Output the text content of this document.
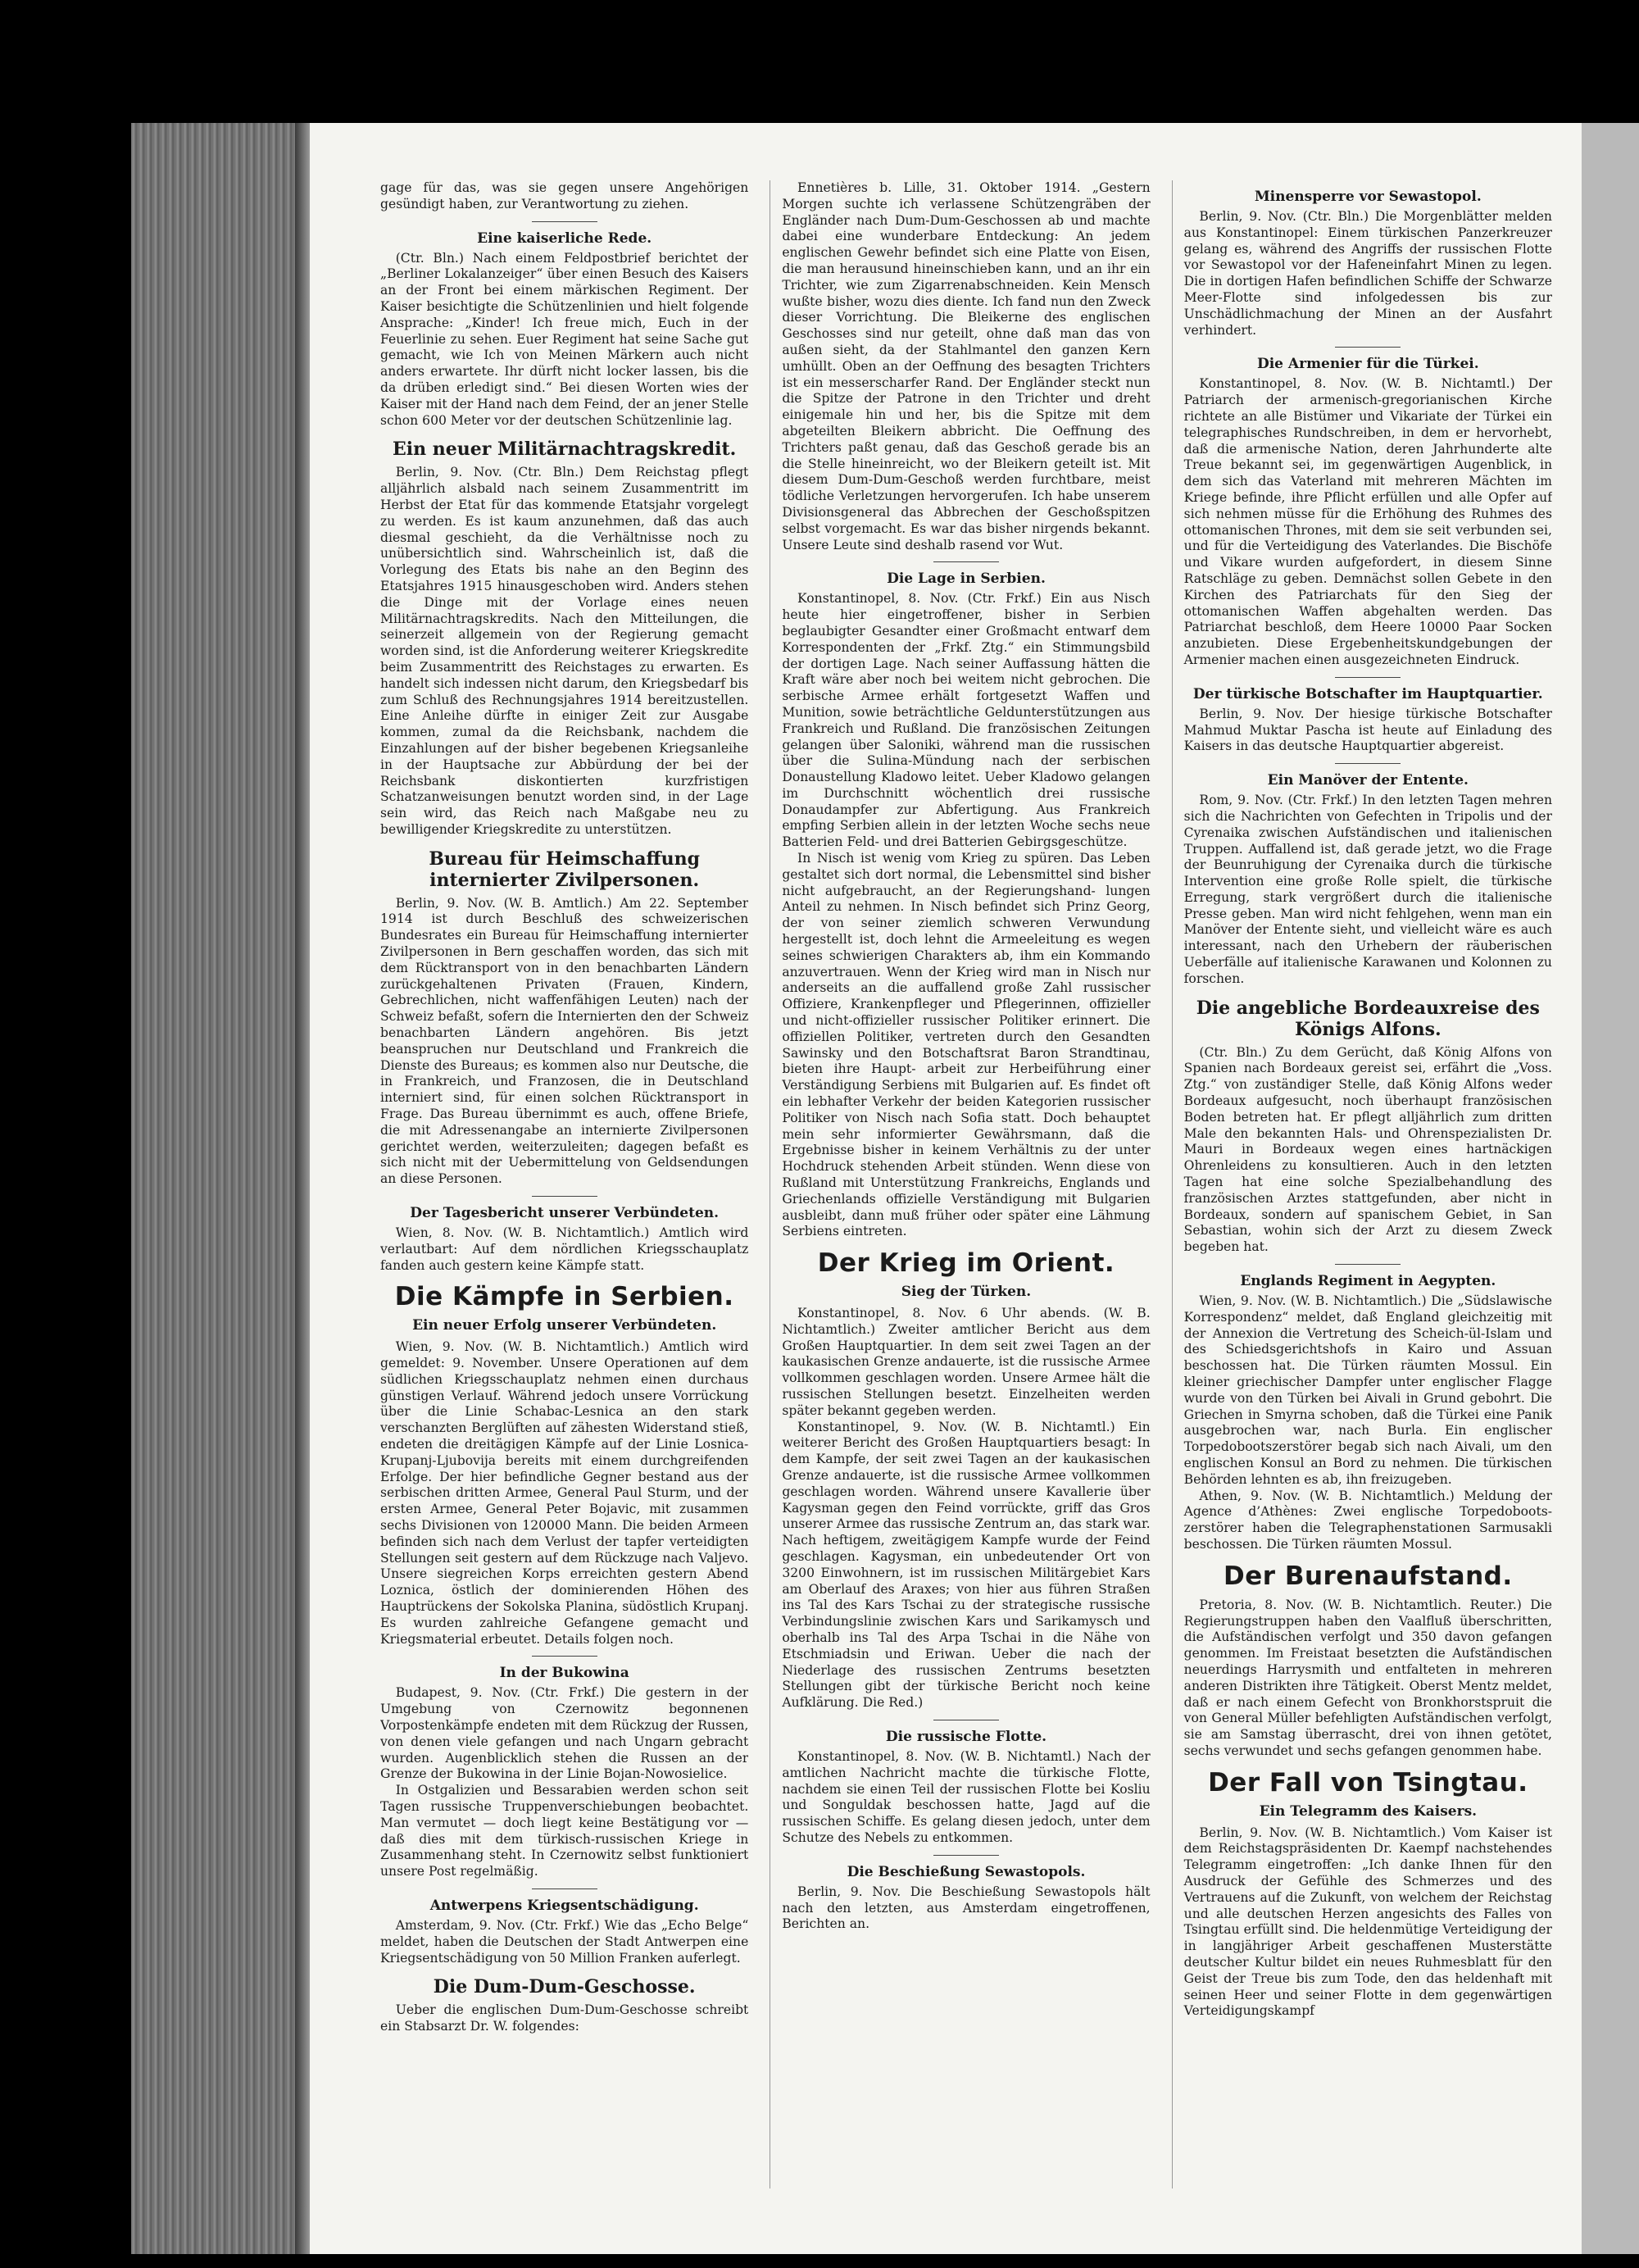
gage für das, was sie gegen unsere Angehörigen gesündigt haben, zur Verantwortung zu ziehen.

Eine kaiserliche Rede.

(Ctr. Bln.) Nach einem Feldpostbrief berichtet der „Berliner Lokalanzeiger“ über einen Besuch des Kaisers an der Front bei einem märkischen Regiment. Der Kaiser besichtigte die Schützenlinien und hielt folgende Ansprache: „Kinder! Ich freue mich, Euch in der Feuerlinie zu sehen. Euer Regiment hat seine Sache gut gemacht, wie Ich von Meinen Märkern auch nicht anders erwartete. Ihr dürft nicht locker lassen, bis die da drüben erledigt sind.“ Bei diesen Worten wies der Kaiser mit der Hand nach dem Feind, der an jener Stelle schon 600 Meter vor der deutschen Schützenlinie lag.

Ein neuer Militärnachtragskredit.

Berlin, 9. Nov. (Ctr. Bln.) Dem Reichstag pflegt alljährlich alsbald nach seinem Zusammentritt im Herbst der Etat für das kommende Etatsjahr vorgelegt zu werden. Es ist kaum anzunehmen, daß das auch diesmal geschieht, da die Verhältnisse noch zu unübersichtlich sind. Wahrscheinlich ist, daß die Vorlegung des Etats bis nahe an den Beginn des Etatsjahres 1915 hinausgeschoben wird. Anders stehen die Dinge mit der Vorlage eines neuen Militärnachtragskredits. Nach den Mitteilungen, die seinerzeit allgemein von der Regierung gemacht worden sind, ist die Anforderung weiterer Kriegskredite beim Zusammentritt des Reichstages zu erwarten. Es handelt sich indessen nicht darum, den Kriegsbedarf bis zum Schluß des Rechnungsjahres 1914 bereitzustellen. Eine Anleihe dürfte in einiger Zeit zur Ausgabe kommen, zumal da die Reichsbank, nachdem die Einzahlungen auf der bisher begebenen Kriegsanleihe in der Hauptsache zur Abbürdung der bei der Reichsbank diskontierten kurzfristigen Schatzanweisungen benutzt worden sind, in der Lage sein wird, das Reich nach Maßgabe neu zu bewilligender Kriegskredite zu unterstützen.

Bureau für Heimschaffung internierter Zivilpersonen.

Berlin, 9. Nov. (W. B. Amtlich.) Am 22. September 1914 ist durch Beschluß des schweizerischen Bundesrates ein Bureau für Heimschaffung internierter Zivilpersonen in Bern geschaffen worden, das sich mit dem Rücktransport von in den benachbarten Ländern zurückgehaltenen Privaten (Frauen, Kindern, Gebrechlichen, nicht waffenfähigen Leuten) nach der Schweiz befaßt, sofern die Internierten den der Schweiz benachbarten Ländern angehören. Bis jetzt beanspruchen nur Deutschland und Frankreich die Dienste des Bureaus; es kommen also nur Deutsche, die in Frankreich, und Franzosen, die in Deutschland interniert sind, für einen solchen Rücktransport in Frage. Das Bureau übernimmt es auch, offene Briefe, die mit Adressenangabe an internierte Zivilpersonen gerichtet werden, weiterzuleiten; dagegen befaßt es sich nicht mit der Uebermittelung von Geldsendungen an diese Personen.

Der Tagesbericht unserer Verbündeten.

Wien, 8. Nov. (W. B. Nichtamtlich.) Amtlich wird verlautbart: Auf dem nördlichen Kriegsschauplatz fanden auch gestern keine Kämpfe statt.

Die Kämpfe in Serbien.
Ein neuer Erfolg unserer Verbündeten.

Wien, 9. Nov. (W. B. Nichtamtlich.) Amtlich wird gemeldet: 9. November. Unsere Operationen auf dem südlichen Kriegsschauplatz nehmen einen durchaus günstigen Verlauf. Während jedoch unsere Vorrückung über die Linie Schabac-Lesnica an den stark verschanzten Berglüften auf zähesten Widerstand stieß, endeten die dreitägigen Kämpfe auf der Linie Losnica-Krupanj-Ljubovija bereits mit einem durchgreifenden Erfolge. Der hier befindliche Gegner bestand aus der serbischen dritten Armee, General Paul Sturm, und der ersten Armee, General Peter Bojavic, mit zusammen sechs Divisionen von 120000 Mann. Die beiden Armeen befinden sich nach dem Verlust der tapfer verteidigten Stellungen seit gestern auf dem Rückzuge nach Valjevo. Unsere siegreichen Korps erreichten gestern Abend Loznica, östlich der dominierenden Höhen des Hauptrückens der Sokolska Planina, südöstlich Krupanj. Es wurden zahlreiche Gefangene gemacht und Kriegsmaterial erbeutet. Details folgen noch.

In der Bukowina

Budapest, 9. Nov. (Ctr. Frkf.) Die gestern in der Umgebung von Czernowitz begonnenen Vorpostenkämpfe endeten mit dem Rückzug der Russen, von denen viele gefangen und nach Ungarn gebracht wurden. Augenblicklich stehen die Russen an der Grenze der Bukowina in der Linie Bojan-Nowosielice.

In Ostgalizien und Bessarabien werden schon seit Tagen russische Truppenverschiebungen beobachtet. Man vermutet — doch liegt keine Bestätigung vor — daß dies mit dem türkisch-russischen Kriege in Zusammenhang steht. In Czernowitz selbst funktioniert unsere Post regelmäßig.

Antwerpens Kriegsentschädigung.

Amsterdam, 9. Nov. (Ctr. Frkf.) Wie das „Echo Belge“ meldet, haben die Deutschen der Stadt Antwerpen eine Kriegsentschädigung von 50 Million Franken auferlegt.

Die Dum-Dum-Geschosse.

Ueber die englischen Dum-Dum-Geschosse schreibt ein Stabsarzt Dr. W. folgendes:

Ennetières b. Lille, 31. Oktober 1914. „Gestern Morgen suchte ich verlassene Schützengräben der Engländer nach Dum-Dum-Geschossen ab und machte dabei eine wunderbare Entdeckung: An jedem englischen Gewehr befindet sich eine Platte von Eisen, die man herausund hineinschieben kann, und an ihr ein Trichter, wie zum Zigarrenabschneiden. Kein Mensch wußte bisher, wozu dies diente. Ich fand nun den Zweck dieser Vorrichtung. Die Bleikerne des englischen Geschosses sind nur geteilt, ohne daß man das von außen sieht, da der Stahlmantel den ganzen Kern umhüllt. Oben an der Oeffnung des besagten Trichters ist ein messerscharfer Rand. Der Engländer steckt nun die Spitze der Patrone in den Trichter und dreht einigemale hin und her, bis die Spitze mit dem abgeteilten Bleikern abbricht. Die Oeffnung des Trichters paßt genau, daß das Geschoß gerade bis an die Stelle hineinreicht, wo der Bleikern geteilt ist. Mit diesem Dum-Dum-Geschoß werden furchtbare, meist tödliche Verletzungen hervorgerufen. Ich habe unserem Divisionsgeneral das Abbrechen der Geschoßspitzen selbst vorgemacht. Es war das bisher nirgends bekannt. Unsere Leute sind deshalb rasend vor Wut.

Die Lage in Serbien.

Konstantinopel, 8. Nov. (Ctr. Frkf.) Ein aus Nisch heute hier eingetroffener, bisher in Serbien beglaubigter Gesandter einer Großmacht entwarf dem Korrespondenten der „Frkf. Ztg.“ ein Stimmungsbild der dortigen Lage. Nach seiner Auffassung hätten die Kraft wäre aber noch bei weitem nicht gebrochen. Die serbische Armee erhält fortgesetzt Waffen und Munition, sowie beträchtliche Geldunterstützungen aus Frankreich und Rußland. Die französischen Zeitungen gelangen über Saloniki, während man die russischen über die Sulina-Mündung nach der serbischen Donaustellung Kladowo leitet. Ueber Kladowo gelangen im Durchschnitt wöchentlich drei russische Donaudampfer zur Abfertigung. Aus Frankreich empfing Serbien allein in der letzten Woche sechs neue Batterien Feld- und drei Batterien Gebirgsgeschütze.

In Nisch ist wenig vom Krieg zu spüren. Das Leben gestaltet sich dort normal, die Lebensmittel sind bisher nicht aufgebraucht, an der Regierungshand- lungen Anteil zu nehmen. In Nisch befindet sich Prinz Georg, der von seiner ziemlich schweren Verwundung hergestellt ist, doch lehnt die Armeeleitung es wegen seines schwierigen Charakters ab, ihm ein Kommando anzuvertrauen. Wenn der Krieg wird man in Nisch nur anderseits an die auffallend große Zahl russischer Offiziere, Krankenpfleger und Pflegerinnen, offizieller und nicht-offizieller russischer Politiker erinnert. Die offiziellen Politiker, vertreten durch den Gesandten Sawinsky und den Botschaftsrat Baron Strandtinau, bieten ihre Haupt- arbeit zur Herbeiführung einer Verständigung Serbiens mit Bulgarien auf. Es findet oft ein lebhafter Verkehr der beiden Kategorien russischer Politiker von Nisch nach Sofia statt. Doch behauptet mein sehr informierter Gewährsmann, daß die Ergebnisse bisher in keinem Verhältnis zu der unter Hochdruck stehenden Arbeit stünden. Wenn diese von Rußland mit Unterstützung Frankreichs, Englands und Griechenlands offizielle Verständigung mit Bulgarien ausbleibt, dann muß früher oder später eine Lähmung Serbiens eintreten.

Der Krieg im Orient.
Sieg der Türken.

Konstantinopel, 8. Nov. 6 Uhr abends. (W. B. Nichtamtlich.) Zweiter amtlicher Bericht aus dem Großen Hauptquartier. In dem seit zwei Tagen an der kaukasischen Grenze andauerte, ist die russische Armee vollkommen geschlagen worden. Unsere Armee hält die russischen Stellungen besetzt. Einzelheiten werden später bekannt gegeben werden.

Konstantinopel, 9. Nov. (W. B. Nichtamtl.) Ein weiterer Bericht des Großen Hauptquartiers besagt: In dem Kampfe, der seit zwei Tagen an der kaukasischen Grenze andauerte, ist die russische Armee vollkommen geschlagen worden. Während unsere Kavallerie über Kagysman gegen den Feind vorrückte, griff das Gros unserer Armee das russische Zentrum an, das stark war. Nach heftigem, zweitägigem Kampfe wurde der Feind geschlagen. Kagysman, ein unbedeutender Ort von 3200 Einwohnern, ist im russischen Militärgebiet Kars am Oberlauf des Araxes; von hier aus führen Straßen ins Tal des Kars Tschai zu der strategische russische Verbindungslinie zwischen Kars und Sarikamysch und oberhalb ins Tal des Arpa Tschai in die Nähe von Etschmiadsin und Eriwan. Ueber die nach der Niederlage des russischen Zentrums besetzten Stellungen gibt der türkische Bericht noch keine Aufklärung. Die Red.)

Die russische Flotte.

Konstantinopel, 8. Nov. (W. B. Nichtamtl.) Nach der amtlichen Nachricht machte die türkische Flotte, nachdem sie einen Teil der russischen Flotte bei Kosliu und Songuldak beschossen hatte, Jagd auf die russischen Schiffe. Es gelang diesen jedoch, unter dem Schutze des Nebels zu entkommen.

Die Beschießung Sewastopols.

Berlin, 9. Nov. Die Beschießung Sewastopols hält nach den letzten, aus Amsterdam eingetroffenen, Berichten an.

Minensperre vor Sewastopol.

Berlin, 9. Nov. (Ctr. Bln.) Die Morgenblätter melden aus Konstantinopel: Einem türkischen Panzerkreuzer gelang es, während des Angriffs der russischen Flotte vor Sewastopol vor der Hafeneinfahrt Minen zu legen. Die in dortigen Hafen befindlichen Schiffe der Schwarze Meer-Flotte sind infolgedessen bis zur Unschädlichmachung der Minen an der Ausfahrt verhindert.

Die Armenier für die Türkei.

Konstantinopel, 8. Nov. (W. B. Nichtamtl.) Der Patriarch der armenisch-gregorianischen Kirche richtete an alle Bistümer und Vikariate der Türkei ein telegraphisches Rundschreiben, in dem er hervorhebt, daß die armenische Nation, deren Jahrhunderte alte Treue bekannt sei, im gegenwärtigen Augenblick, in dem sich das Vaterland mit mehreren Mächten im Kriege befinde, ihre Pflicht erfüllen und alle Opfer auf sich nehmen müsse für die Erhöhung des Ruhmes des ottomanischen Thrones, mit dem sie seit verbunden sei, und für die Verteidigung des Vaterlandes. Die Bischöfe und Vikare wurden aufgefordert, in diesem Sinne Ratschläge zu geben. Demnächst sollen Gebete in den Kirchen des Patriarchats für den Sieg der ottomanischen Waffen abgehalten werden. Das Patriarchat beschloß, dem Heere 10000 Paar Socken anzubieten. Diese Ergebenheitskundgebungen der Armenier machen einen ausgezeichneten Eindruck.

Der türkische Botschafter im Hauptquartier.

Berlin, 9. Nov. Der hiesige türkische Botschafter Mahmud Muktar Pascha ist heute auf Einladung des Kaisers in das deutsche Hauptquartier abgereist.

Ein Manöver der Entente.

Rom, 9. Nov. (Ctr. Frkf.) In den letzten Tagen mehren sich die Nachrichten von Gefechten in Tripolis und der Cyrenaika zwischen Aufständischen und italienischen Truppen. Auffallend ist, daß gerade jetzt, wo die Frage der Beunruhigung der Cyrenaika durch die türkische Intervention eine große Rolle spielt, die türkische Erregung, stark vergrößert durch die italienische Presse geben. Man wird nicht fehlgehen, wenn man ein Manöver der Entente sieht, und vielleicht wäre es auch interessant, nach den Urhebern der räuberischen Ueberfälle auf italienische Karawanen und Kolonnen zu forschen.

Die angebliche Bordeauxreise des Königs Alfons.

(Ctr. Bln.) Zu dem Gerücht, daß König Alfons von Spanien nach Bordeaux gereist sei, erfährt die „Voss. Ztg.“ von zuständiger Stelle, daß König Alfons weder Bordeaux aufgesucht, noch überhaupt französischen Boden betreten hat. Er pflegt alljährlich zum dritten Male den bekannten Hals- und Ohrenspezialisten Dr. Mauri in Bordeaux wegen eines hartnäckigen Ohrenleidens zu konsultieren. Auch in den letzten Tagen hat eine solche Spezialbehandlung des französischen Arztes stattgefunden, aber nicht in Bordeaux, sondern auf spanischem Gebiet, in San Sebastian, wohin sich der Arzt zu diesem Zweck begeben hat.

Englands Regiment in Aegypten.

Wien, 9. Nov. (W. B. Nichtamtlich.) Die „Südslawische Korrespondenz“ meldet, daß England gleichzeitig mit der Annexion die Vertretung des Scheich-ül-Islam und des Schiedsgerichtshofs in Kairo und Assuan beschossen hat. Die Türken räumten Mossul. Ein kleiner griechischer Dampfer unter englischer Flagge wurde von den Türken bei Aivali in Grund gebohrt. Die Griechen in Smyrna schoben, daß die Türkei eine Panik ausgebrochen war, nach Burla. Ein englischer Torpedobootszerstörer begab sich nach Aivali, um den englischen Konsul an Bord zu nehmen. Die türkischen Behörden lehnten es ab, ihn freizugeben.

Athen, 9. Nov. (W. B. Nichtamtlich.) Meldung der Agence d’Athènes: Zwei englische Torpedoboots-zerstörer haben die Telegraphenstationen Sarmusakli beschossen. Die Türken räumten Mossul.

Der Burenaufstand.

Pretoria, 8. Nov. (W. B. Nichtamtlich. Reuter.) Die Regierungstruppen haben den Vaalfluß überschritten, die Aufständischen verfolgt und 350 davon gefangen genommen. Im Freistaat besetzten die Aufständischen neuerdings Harrysmith und entfalteten in mehreren anderen Distrikten ihre Tätigkeit. Oberst Mentz meldet, daß er nach einem Gefecht von Bronkhorstspruit die von General Müller befehligten Aufständischen verfolgt, sie am Samstag überrascht, drei von ihnen getötet, sechs verwundet und sechs gefangen genommen habe.

Der Fall von Tsingtau.
Ein Telegramm des Kaisers.

Berlin, 9. Nov. (W. B. Nichtamtlich.) Vom Kaiser ist dem Reichstagspräsidenten Dr. Kaempf nachstehendes Telegramm eingetroffen: „Ich danke Ihnen für den Ausdruck der Gefühle des Schmerzes und des Vertrauens auf die Zukunft, von welchem der Reichstag und alle deutschen Herzen angesichts des Falles von Tsingtau erfüllt sind. Die heldenmütige Verteidigung der in langjähriger Arbeit geschaffenen Musterstätte deutscher Kultur bildet ein neues Ruhmesblatt für den Geist der Treue bis zum Tode, den das heldenhaft mit seinen Heer und seiner Flotte in dem gegenwärtigen Verteidigungskampf
